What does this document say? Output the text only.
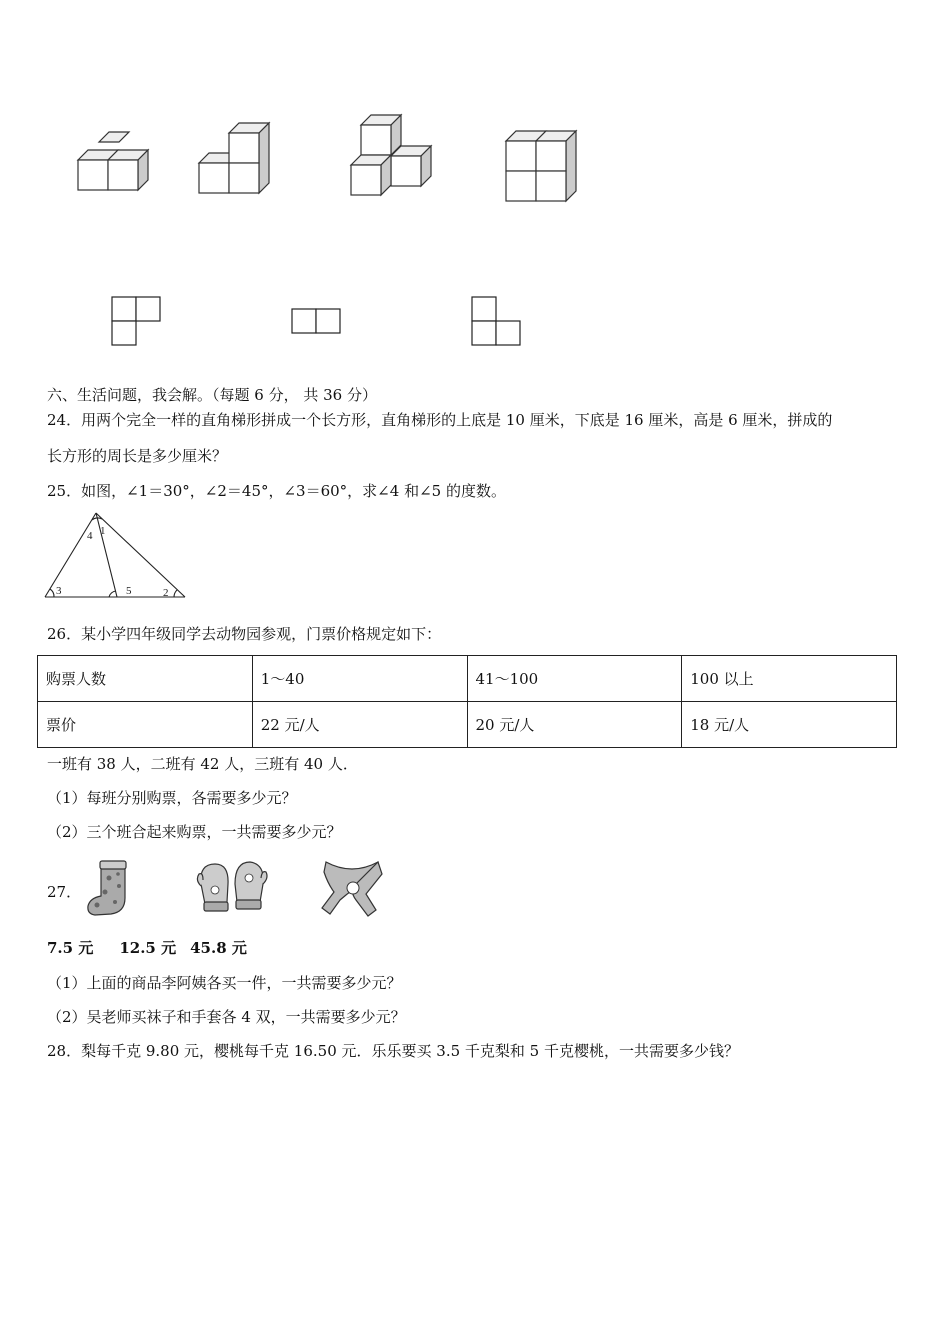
六、生活问题，我会解。（每题 6 分， 共 36 分）
24．用两个完全一样的直角梯形拼成一个长方形，直角梯形的上底是 10 厘米，下底是 16 厘米，高是 6 厘米，拼成的
长方形的周长是多少厘米？
25．如图，∠1＝30°，∠2＝45°，∠3＝60°，求∠4 和∠5 的度数。
4 1
3	5	2
26．某小学四年级同学去动物园参观，门票价格规定如下：
购票人数	1～40	41～100	100 以上
票价	22 元/人	20 元/人	18 元/人
一班有 38 人，二班有 42 人，三班有 40 人．
（1）每班分别购票，各需要多少元？
（2）三个班合起来购票，一共需要多少元？
27．
7.5 元 12.5 元 45.8 元
（1）上面的商品李阿姨各买一件，一共需要多少元？
（2）吴老师买袜子和手套各 4 双，一共需要多少元？
28．梨每千克 9.80 元，樱桃每千克 16.50 元．乐乐要买 3.5 千克梨和 5 千克樱桃，一共需要多少钱？
